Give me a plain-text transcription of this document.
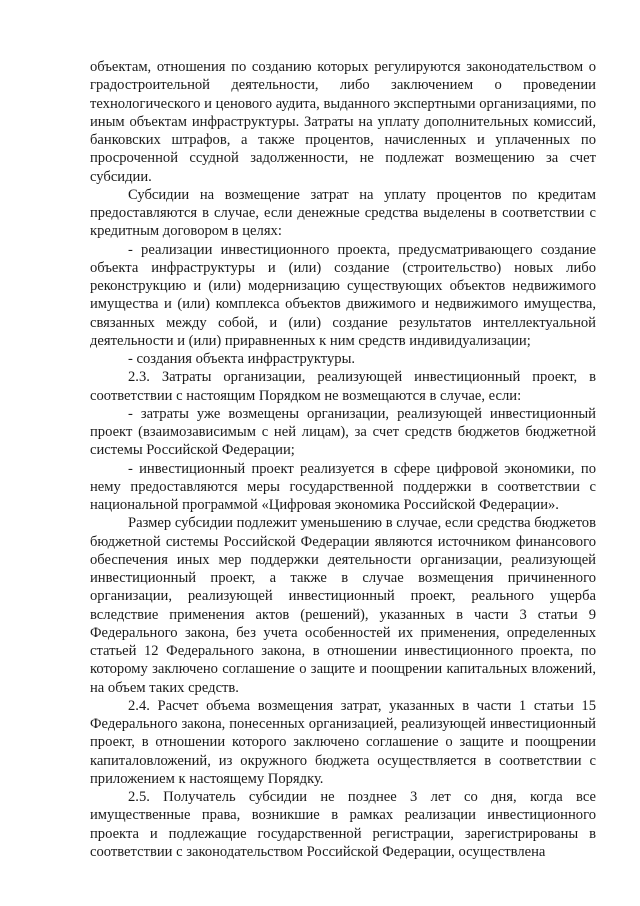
объектам, отношения по созданию которых регулируются законодательством о градостроительной деятельности, либо заключением о проведении технологического и ценового аудита, выданного экспертными организациями, по иным объектам инфраструктуры. Затраты на уплату дополнительных комиссий, банковских штрафов, а также процентов, начисленных и уплаченных по просроченной ссудной задолженности, не подлежат возмещению за счет субсидии.

Субсидии на возмещение затрат на уплату процентов по кредитам предоставляются в случае, если денежные средства выделены в соответствии с кредитным договором в целях:

- реализации инвестиционного проекта, предусматривающего создание объекта инфраструктуры и (или) создание (строительство) новых либо реконструкцию и (или) модернизацию существующих объектов недвижимого имущества и (или) комплекса объектов движимого и недвижимого имущества, связанных между собой, и (или) создание результатов интеллектуальной деятельности и (или) приравненных к ним средств индивидуализации;

- создания объекта инфраструктуры.

2.3. Затраты организации, реализующей инвестиционный проект, в соответствии с настоящим Порядком не возмещаются в случае, если:

- затраты уже возмещены организации, реализующей инвестиционный проект (взаимозависимым с ней лицам), за счет средств бюджетов бюджетной системы Российской Федерации;

- инвестиционный проект реализуется в сфере цифровой экономики, по нему предоставляются меры государственной поддержки в соответствии с национальной программой «Цифровая экономика Российской Федерации».

Размер субсидии подлежит уменьшению в случае, если средства бюджетов бюджетной системы Российской Федерации являются источником финансового обеспечения иных мер поддержки деятельности организации, реализующей инвестиционный проект, а также в случае возмещения причиненного организации, реализующей инвестиционный проект, реального ущерба вследствие применения актов (решений), указанных в части 3 статьи 9 Федерального закона, без учета особенностей их применения, определенных статьей 12 Федерального закона, в отношении инвестиционного проекта, по которому заключено соглашение о защите и поощрении капитальных вложений, на объем таких средств.

2.4. Расчет объема возмещения затрат, указанных в части 1 статьи 15 Федерального закона, понесенных организацией, реализующей инвестиционный проект, в отношении которого заключено соглашение о защите и поощрении капиталовложений, из окружного бюджета осуществляется в соответствии с приложением к настоящему Порядку.

2.5. Получатель субсидии не позднее 3 лет со дня, когда все имущественные права, возникшие в рамках реализации инвестиционного проекта и подлежащие государственной регистрации, зарегистрированы в соответствии с законодательством Российской Федерации, осуществлена
